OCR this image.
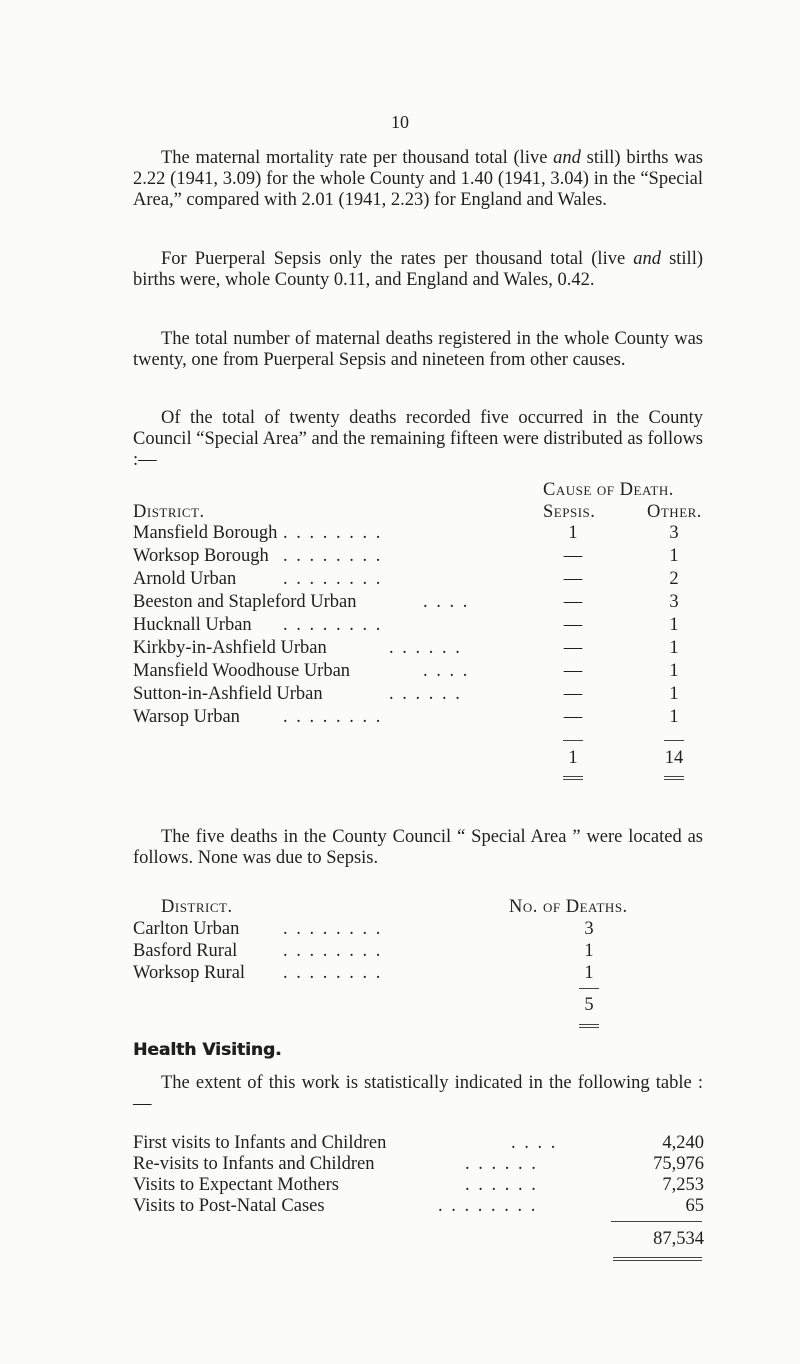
10
The maternal mortality rate per thousand total (live and still) births was 2.22 (1941, 3.09) for the whole County and 1.40 (1941, 3.04) in the “Special Area,” compared with 2.01 (1941, 2.23) for England and Wales.
For Puerperal Sepsis only the rates per thousand total (live and still) births were, whole County 0.11, and England and Wales, 0.42.
The total number of maternal deaths registered in the whole County was twenty, one from Puerperal Sepsis and nineteen from other causes.
Of the total of twenty deaths recorded five occurred in the County Council “Special Area” and the remaining fifteen were distributed as follows :—
Cause of Death.
District.	Sepsis.	Other.
Mansfield Borough . . . . . . . .	1	3
Worksop Borough . . . . . . . .	—	1
Arnold Urban	. . . . . . . .	—	2
Beeston and Stapleford Urban	. . . .	—	3
Hucknall Urban . . . . . . . .	—	1
Kirkby-in-Ashfield Urban	. . . . . .	—	1
Mansfield Woodhouse Urban	. . . .	—	1
Sutton-in-Ashfield Urban	. . . . . .	—	1
Warsop Urban . . . . . . . .	—	1
1	14
The five deaths in the County Council “ Special Area ” were located as follows. None was due to Sepsis.
District.	No. of Deaths.
Carlton Urban . . . . . . . .	3
Basford Rural . . . . . . . .	1
Worksop Rural . . . . . . . .	1
5
Health Visiting.
The extent of this work is statistically indicated in the following table :—
First visits to Infants and Children	. . . .	4,240
Re-visits to Infants and Children	. . . . . .	75,976
Visits to Expectant Mothers	. . . . . .	7,253
Visits to Post-Natal Cases	. . . . . . . .	65
87,534
